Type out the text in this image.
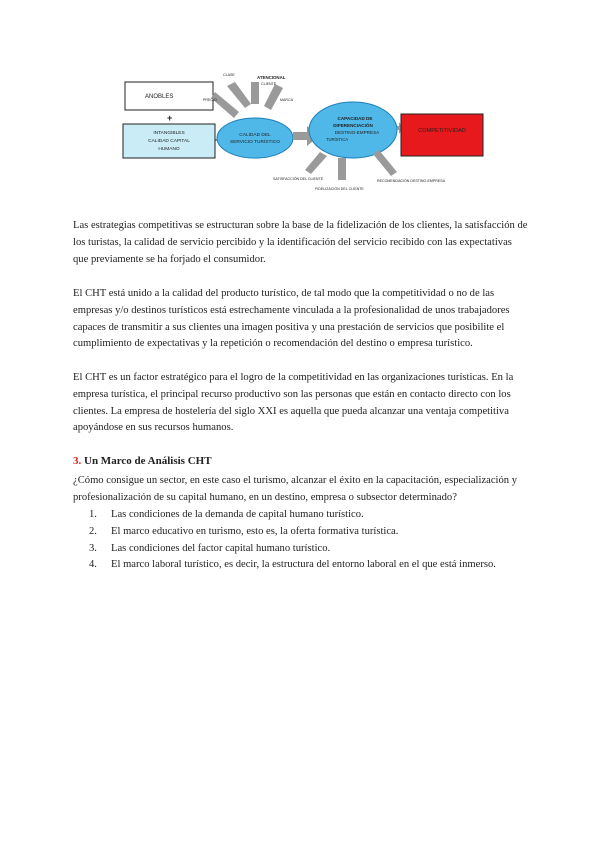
ANOBLES
+
INTANGIBLES
CALIDAD CAPITAL
HUMANO
CLASE	ATENCIONAL
CLIENTE
PRECIO	MARCA
CALIDAD DEL
SERVICIO TURÍSTICO
CAPACIDAD DE
DIFERENCIACIÓN
DESTINO-EMPRESA
TURÍSTICA
COMPETITIVIDAD
SATISFACCIÓN DEL CLIENTE
FIDELIZACIÓN DEL CLIENTE
RECOMENDACIÓN DESTINO-EMPRESA

Las estrategias competitivas se estructuran sobre la base de la fidelización de los clientes, la satisfacción de los turistas, la calidad de servicio percibido y la identificación del servicio recibido con las expectativas que previamente se ha forjado el consumidor.

El CHT está unido a la calidad del producto turístico, de tal modo que la competitividad o no de las empresas y/o destinos turísticos está estrechamente vinculada a la profesionalidad de unos trabajadores capaces de transmitir a sus clientes una imagen positiva y una prestación de servicios que posibilite el cumplimiento de expectativas y la repetición o recomendación del destino o empresa turístico.

El CHT es un factor estratégico para el logro de la competitividad en las organizaciones turísticas. En la empresa turística, el principal recurso productivo son las personas que están en contacto directo con los clientes. La empresa de hostelería del siglo XXI es aquella que pueda alcanzar una ventaja competitiva apoyándose en sus recursos humanos.

3. Un Marco de Análisis CHT

¿Cómo consigue un sector, en este caso el turismo, alcanzar el éxito en la capacitación, especialización y profesionalización de su capital humano, en un destino, empresa o subsector determinado?

1.	Las condiciones de la demanda de capital humano turístico.
2.	El marco educativo en turismo, esto es, la oferta formativa turística.
3.	Las condiciones del factor capital humano turístico.
4.	El marco laboral turístico, es decir, la estructura del entorno laboral en el que está inmerso.
